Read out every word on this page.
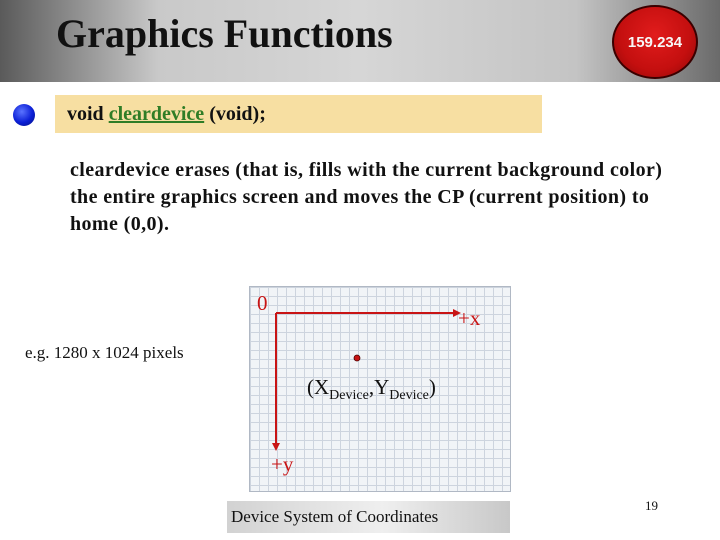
Graphics Functions	159.234
void cleardevice (void);
cleardevice erases (that is, fills with the current background color) the entire graphics screen and moves the CP (current position) to home (0,0).
e.g. 1280 x 1024 pixels
0
+x
+y
$(X_{Device},Y_{Device})$
Device System of Coordinates
19
